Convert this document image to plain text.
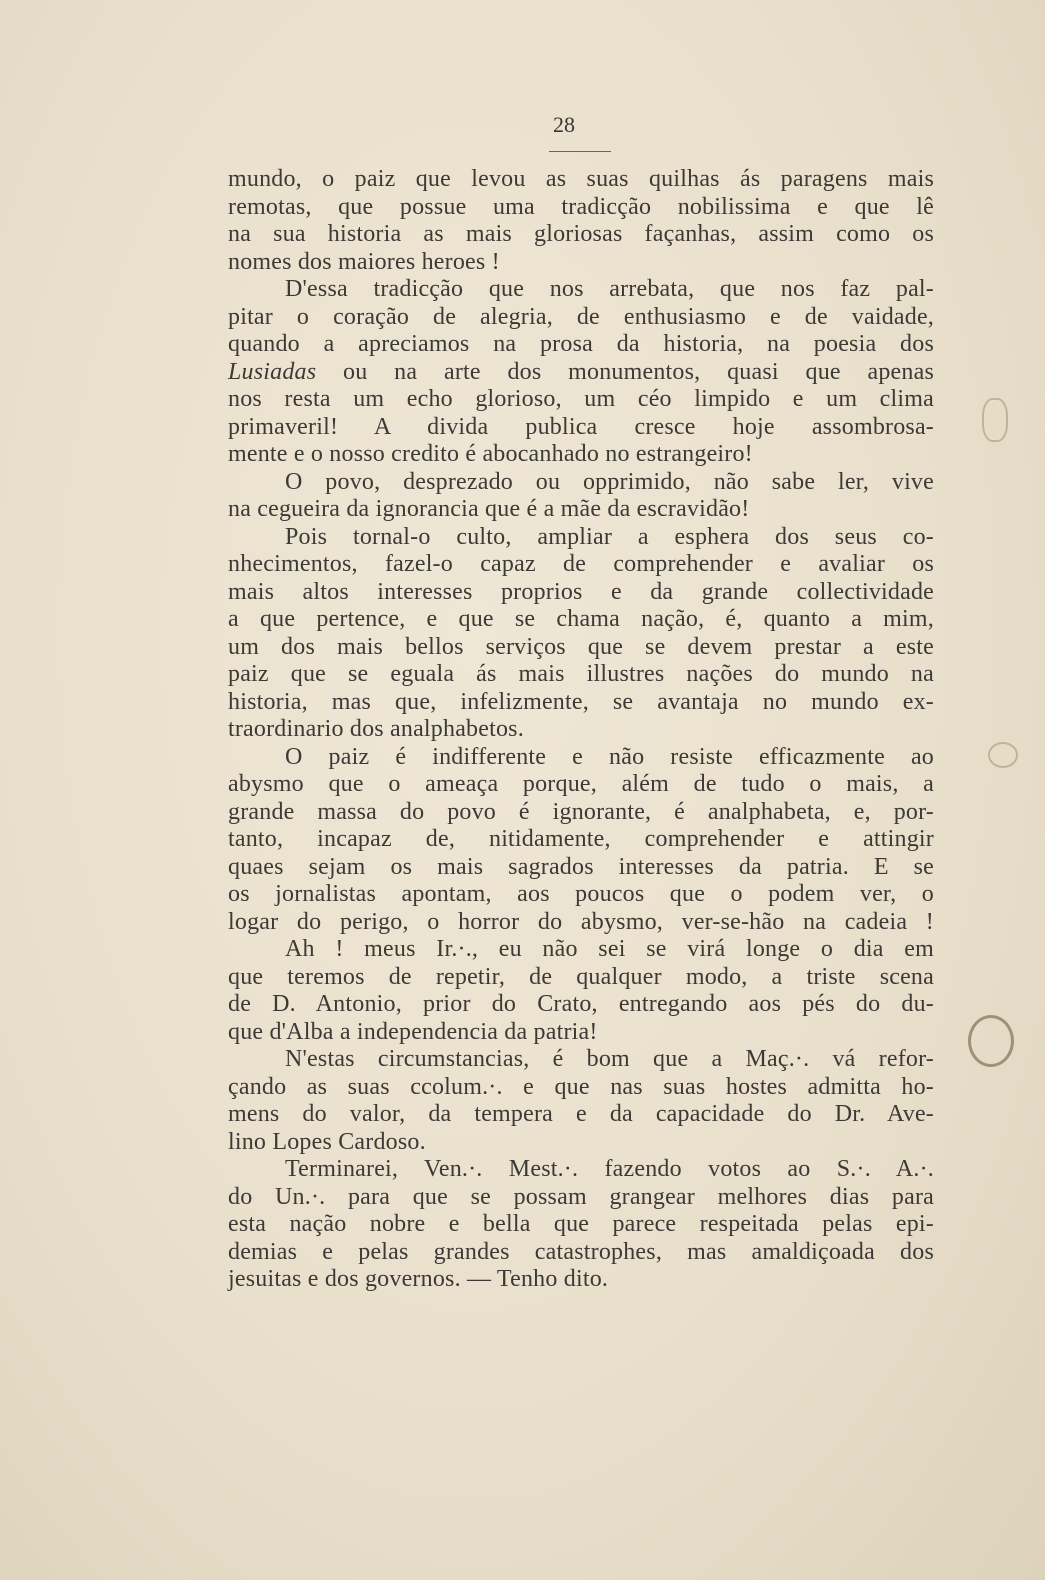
28
mundo, o paiz que levou as suas quilhas ás paragens mais
remotas, que possue uma tradicção nobilissima e que lê
na sua historia as mais gloriosas façanhas, assim como os
nomes dos maiores heroes !
D'essa tradicção que nos arrebata, que nos faz pal-
pitar o coração de alegria, de enthusiasmo e de vaidade,
quando a apreciamos na prosa da historia, na poesia dos
Lusiadas ou na arte dos monumentos, quasi que apenas
nos resta um echo glorioso, um céo limpido e um clima
primaveril! A divida publica cresce hoje assombrosa-
mente e o nosso credito é abocanhado no estrangeiro!
O povo, desprezado ou opprimido, não sabe ler, vive
na cegueira da ignorancia que é a mãe da escravidão!
Pois tornal-o culto, ampliar a esphera dos seus co-
nhecimentos, fazel-o capaz de comprehender e avaliar os
mais altos interesses proprios e da grande collectividade
a que pertence, e que se chama nação, é, quanto a mim,
um dos mais bellos serviços que se devem prestar a este
paiz que se eguala ás mais illustres nações do mundo na
historia, mas que, infelizmente, se avantaja no mundo ex-
traordinario dos analphabetos.
O paiz é indifferente e não resiste efficazmente ao
abysmo que o ameaça porque, além de tudo o mais, a
grande massa do povo é ignorante, é analphabeta, e, por-
tanto, incapaz de, nitidamente, comprehender e attingir
quaes sejam os mais sagrados interesses da patria. E se
os jornalistas apontam, aos poucos que o podem ver, o
logar do perigo, o horror do abysmo, ver-se-hão na cadeia !
Ah ! meus Ir.·., eu não sei se virá longe o dia em
que teremos de repetir, de qualquer modo, a triste scena
de D. Antonio, prior do Crato, entregando aos pés do du-
que d'Alba a independencia da patria!
N'estas circumstancias, é bom que a Maç.·. vá refor-
çando as suas ccolum.·. e que nas suas hostes admitta ho-
mens do valor, da tempera e da capacidade do Dr. Ave-
lino Lopes Cardoso.
Terminarei, Ven.·. Mest.·. fazendo votos ao S.·. A.·.
do Un.·. para que se possam grangear melhores dias para
esta nação nobre e bella que parece respeitada pelas epi-
demias e pelas grandes catastrophes, mas amaldiçoada dos
jesuitas e dos governos. — Tenho dito.
